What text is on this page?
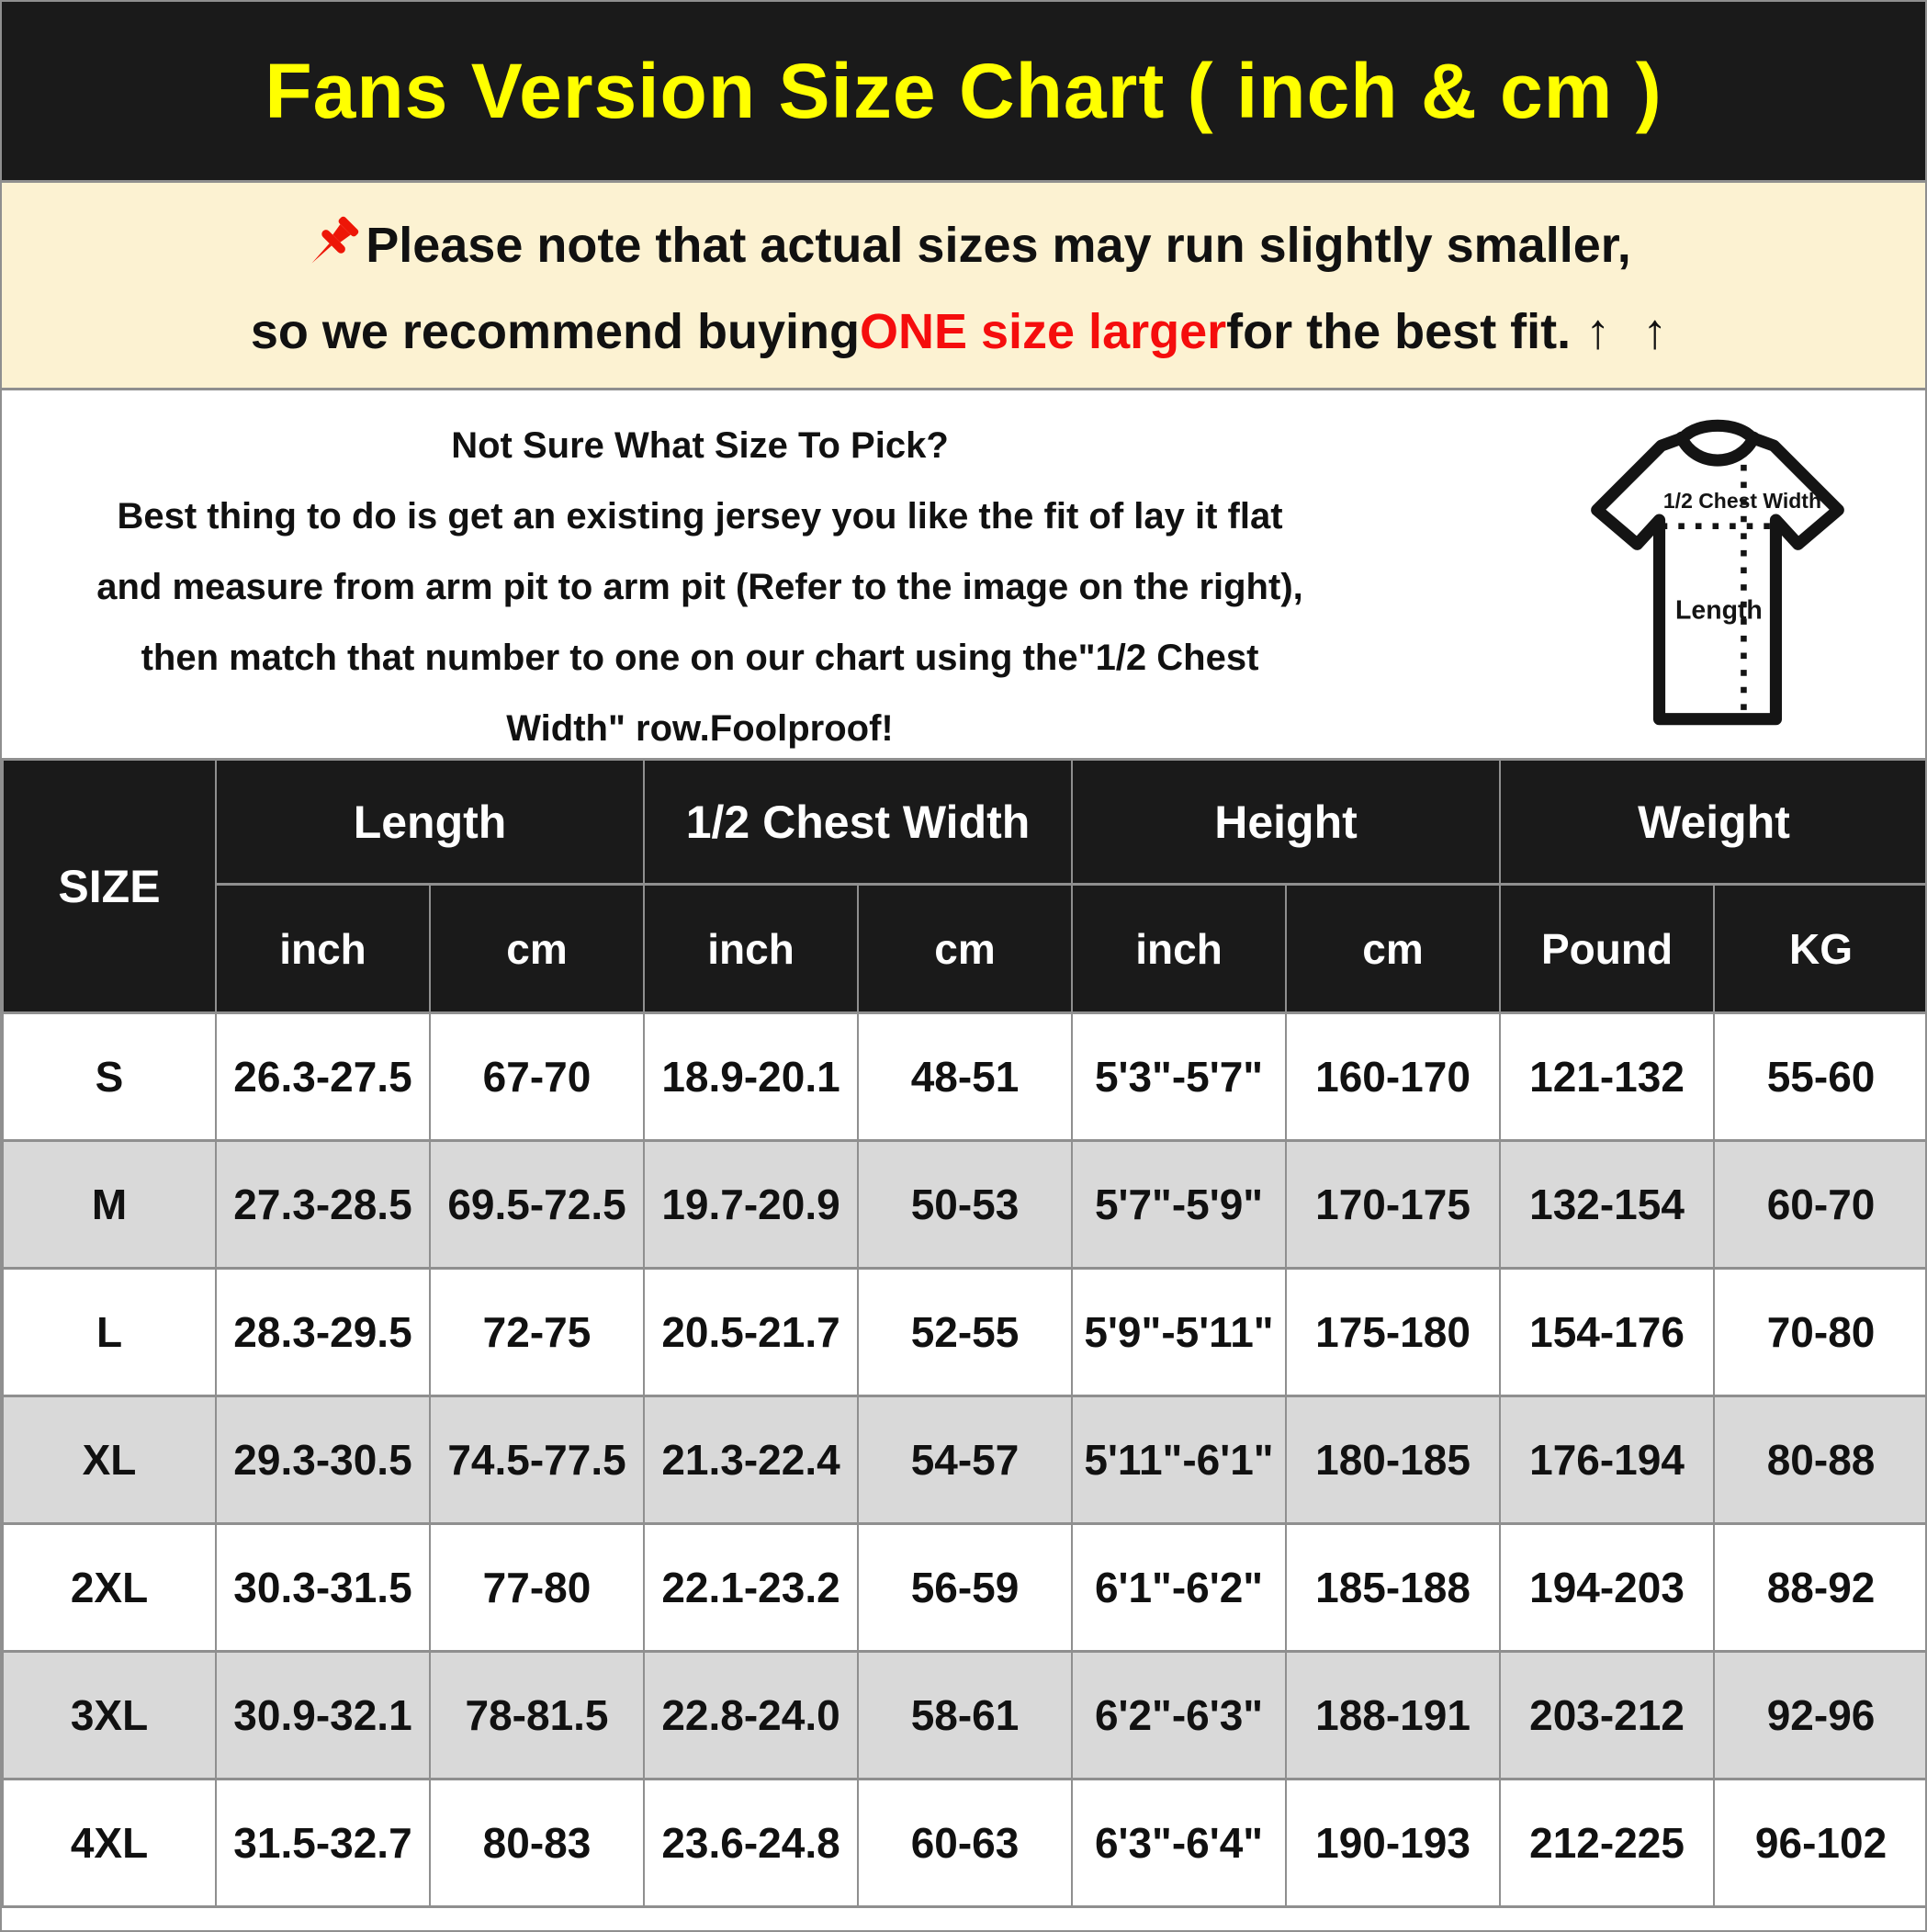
Fans Version Size Chart ( inch & cm )
Please note that actual sizes may run slightly smaller,
so we recommend buying ONE size larger for the best fit. ↑ ↑
Not Sure What Size To Pick?
Best thing to do is get an existing jersey you like the fit of lay it flat
and measure from arm pit to arm pit (Refer to the image on the right),
then match that number to one on our chart using the"1/2 Chest
Width" row.Foolproof!
1/2 Chest Width
Length
SIZE	Length		1/2 Chest Width		Height		Weight	
	inch	cm	inch	cm	inch	cm	Pound	KG
S	26.3-27.5	67-70	18.9-20.1	48-51	5'3"-5'7"	160-170	121-132	55-60
M	27.3-28.5	69.5-72.5	19.7-20.9	50-53	5'7"-5'9"	170-175	132-154	60-70
L	28.3-29.5	72-75	20.5-21.7	52-55	5'9"-5'11"	175-180	154-176	70-80
XL	29.3-30.5	74.5-77.5	21.3-22.4	54-57	5'11"-6'1"	180-185	176-194	80-88
2XL	30.3-31.5	77-80	22.1-23.2	56-59	6'1"-6'2"	185-188	194-203	88-92
3XL	30.9-32.1	78-81.5	22.8-24.0	58-61	6'2"-6'3"	188-191	203-212	92-96
4XL	31.5-32.7	80-83	23.6-24.8	60-63	6'3"-6'4"	190-193	212-225	96-102
